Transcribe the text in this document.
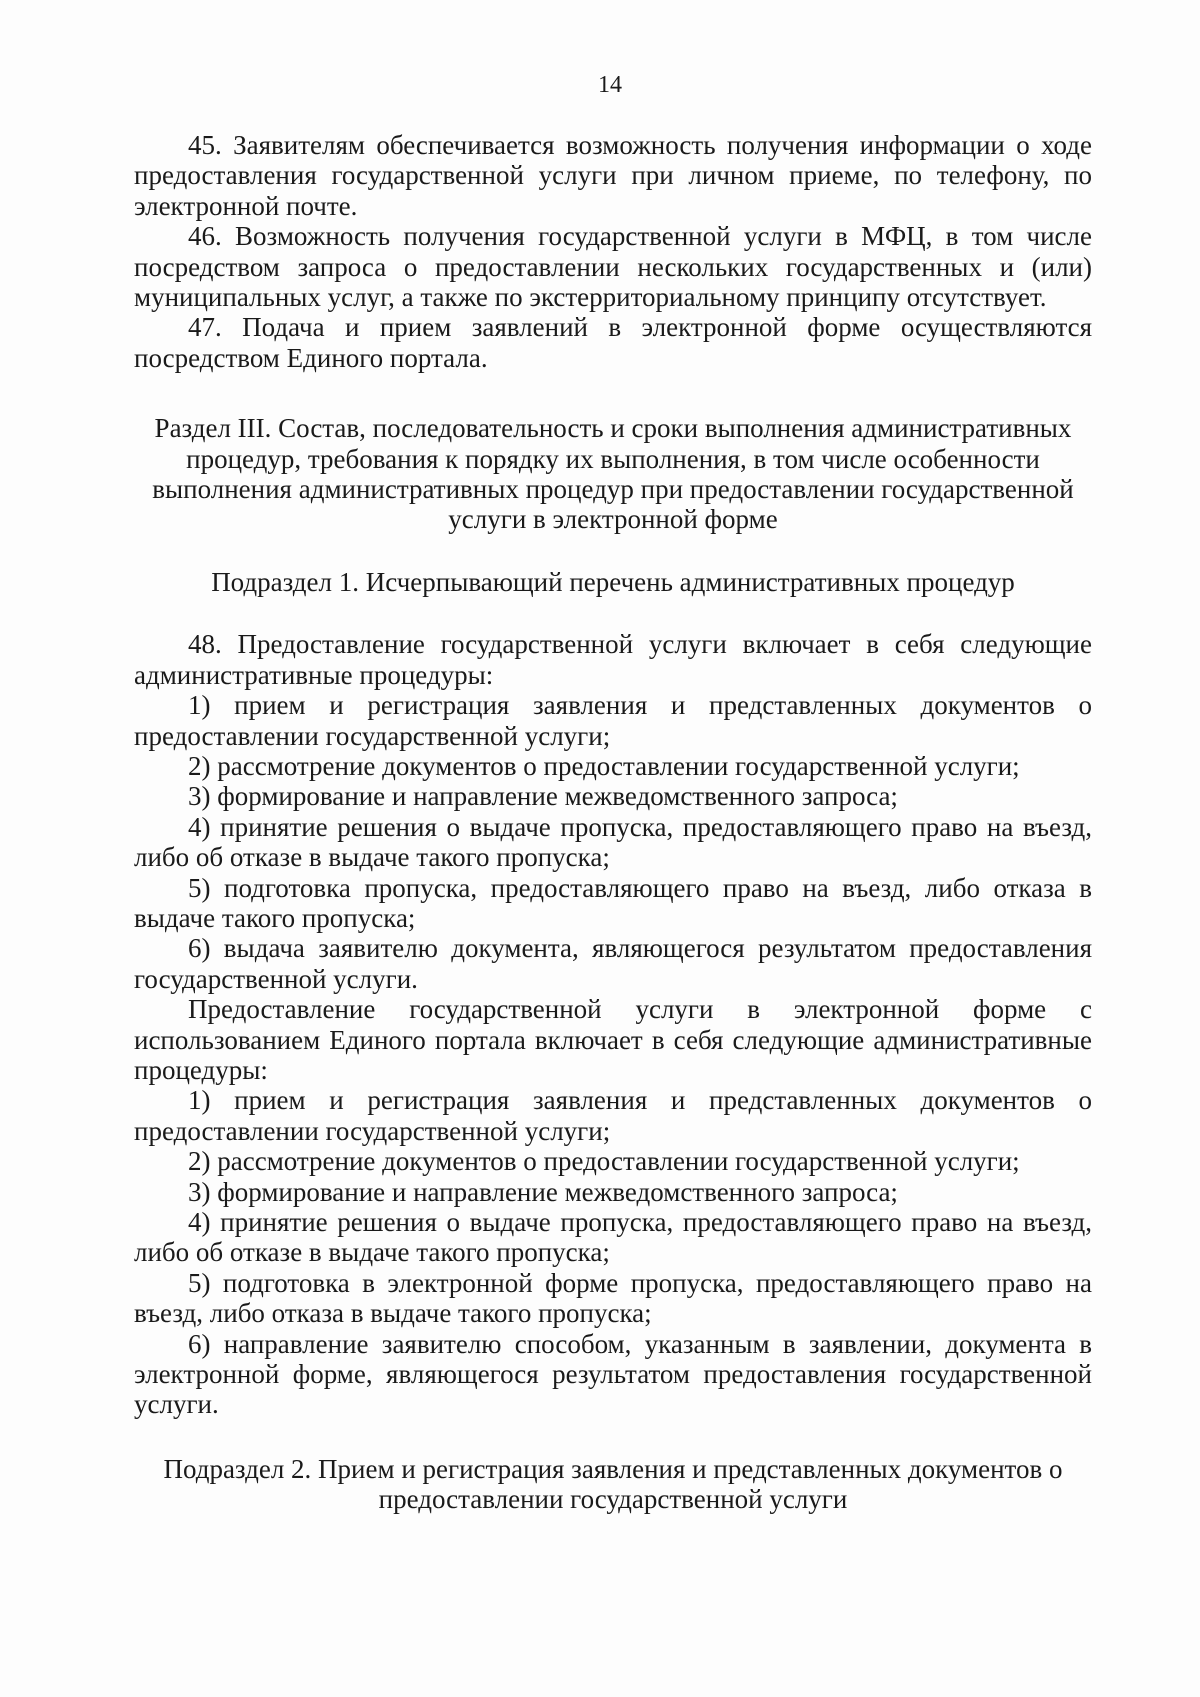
14

45. Заявителям обеспечивается возможность получения информации о ходе предоставления государственной услуги при личном приеме, по телефону, по электронной почте.

46. Возможность получения государственной услуги в МФЦ, в том числе посредством запроса о предоставлении нескольких государственных и (или) муниципальных услуг, а также по экстерриториальному принципу отсутствует.

47. Подача и прием заявлений в электронной форме осуществляются посредством Единого портала.

Раздел III. Состав, последовательность и сроки выполнения административных процедур, требования к порядку их выполнения, в том числе особенности выполнения административных процедур при предоставлении государственной услуги в электронной форме

Подраздел 1. Исчерпывающий перечень административных процедур

48. Предоставление государственной услуги включает в себя следующие административные процедуры:

1) прием и регистрация заявления и представленных документов о предоставлении государственной услуги;

2) рассмотрение документов о предоставлении государственной услуги;

3) формирование и направление межведомственного запроса;

4) принятие решения о выдаче пропуска, предоставляющего право на въезд, либо об отказе в выдаче такого пропуска;

5) подготовка пропуска, предоставляющего право на въезд, либо отказа в выдаче такого пропуска;

6) выдача заявителю документа, являющегося результатом предоставления государственной услуги.

Предоставление государственной услуги в электронной форме с использованием Единого портала включает в себя следующие административные процедуры:

1) прием и регистрация заявления и представленных документов о предоставлении государственной услуги;

2) рассмотрение документов о предоставлении государственной услуги;

3) формирование и направление межведомственного запроса;

4) принятие решения о выдаче пропуска, предоставляющего право на въезд, либо об отказе в выдаче такого пропуска;

5) подготовка в электронной форме пропуска, предоставляющего право на въезд, либо отказа в выдаче такого пропуска;

6) направление заявителю способом, указанным в заявлении, документа в электронной форме, являющегося результатом предоставления государственной услуги.

Подраздел 2. Прием и регистрация заявления и представленных документов о предоставлении государственной услуги
